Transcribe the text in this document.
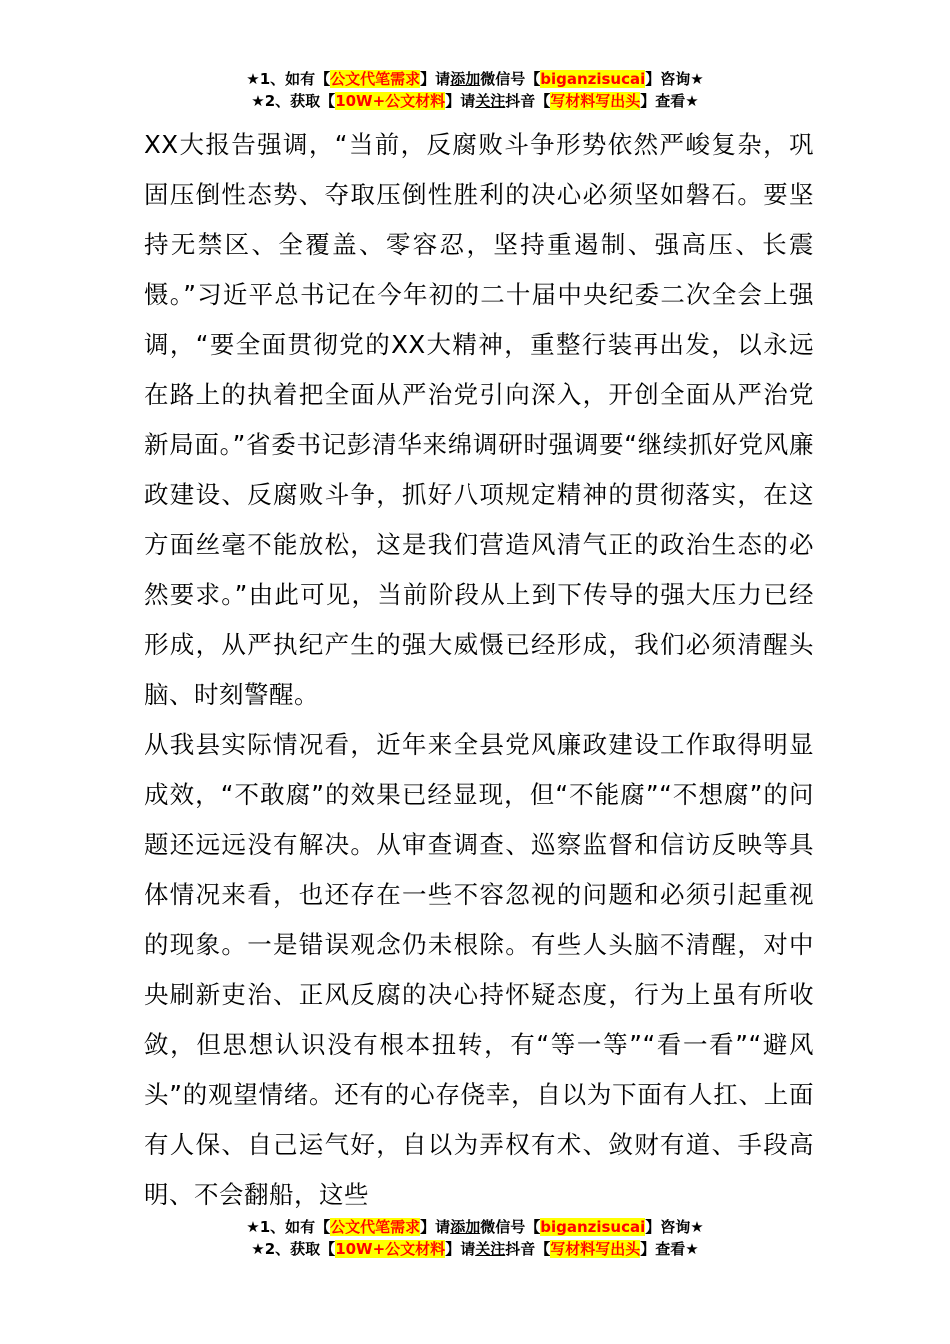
★1、如有【公文代笔需求】请添加微信号【biganzisucai】咨询★
★2、获取【10W+公文材料】请关注抖音【写材料写出头】查看★

XX大报告强调，“当前，反腐败斗争形势依然严峻复杂，巩固压倒性态势、夺取压倒性胜利的决心必须坚如磐石。要坚持无禁区、全覆盖、零容忍，坚持重遏制、强高压、长震慑。”习近平总书记在今年初的二十届中央纪委二次全会上强调，“要全面贯彻党的XX大精神，重整行装再出发，以永远在路上的执着把全面从严治党引向深入，开创全面从严治党新局面。”省委书记彭清华来绵调研时强调要“继续抓好党风廉政建设、反腐败斗争，抓好八项规定精神的贯彻落实，在这方面丝毫不能放松，这是我们营造风清气正的政治生态的必然要求。”由此可见，当前阶段从上到下传导的强大压力已经形成，从严执纪产生的强大威慑已经形成，我们必须清醒头脑、时刻警醒。

从我县实际情况看，近年来全县党风廉政建设工作取得明显成效，“不敢腐”的效果已经显现，但“不能腐”“不想腐”的问题还远远没有解决。从审查调查、巡察监督和信访反映等具体情况来看，也还存在一些不容忽视的问题和必须引起重视的现象。一是错误观念仍未根除。有些人头脑不清醒，对中央刷新吏治、正风反腐的决心持怀疑态度，行为上虽有所收敛，但思想认识没有根本扭转，有“等一等”“看一看”“避风头”的观望情绪。还有的心存侥幸，自以为下面有人扛、上面有人保、自己运气好，自以为弄权有术、敛财有道、手段高明、不会翻船，这些

★1、如有【公文代笔需求】请添加微信号【biganzisucai】咨询★
★2、获取【10W+公文材料】请关注抖音【写材料写出头】查看★
